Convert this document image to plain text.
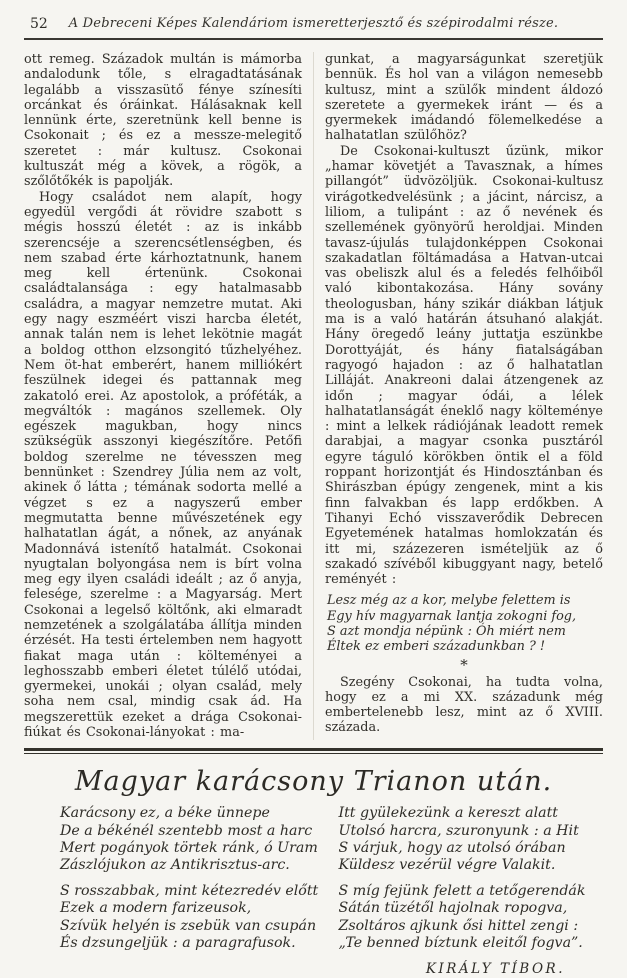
52	A Debreceni Képes Kalendáriom ismeretterjesztő és szépirodalmi része.

ott remeg. Századok multán is mámorba andalodunk tőle, s elragadtatásának legalább a visszasütő fénye színesíti orcánkat és óráinkat. Hálásaknak kell lennünk érte, szeretnünk kell benne is Csokonait ; és ez a messze-melegitő szeretet : már kultusz. Csokonai kultuszát még a kövek, a rögök, a szőlőtőkék is papolják.

Hogy családot nem alapít, hogy egyedül vergődi át rövidre szabott s mégis hosszú életét : az is inkább szerencséje a szerencsétlenségben, és nem szabad érte kárhoztatnunk, hanem meg kell értenünk. Csokonai családtalansága : egy hatalmasabb családra, a magyar nemzetre mutat. Aki egy nagy eszméért viszi harcba életét, annak talán nem is lehet lekötnie magát a boldog otthon elzsongitó tűzhelyéhez. Nem öt-hat emberért, hanem milliókért feszülnek idegei és pattannak meg zakatoló erei. Az apostolok, a próféták, a megváltók : magános szellemek. Oly egészek magukban, hogy nincs szükségük asszonyi kiegészítőre. Petőfi boldog szerelme ne tévesszen meg bennünket : Szendrey Júlia nem az volt, akinek ő látta ; témának sodorta mellé a végzet s ez a nagyszerű ember megmutatta benne művészetének egy halhatatlan ágát, a nőnek, az anyának Madonnává istenítő hatalmát. Csokonai nyugtalan bolyongása nem is bírt volna meg egy ilyen családi ideált ; az ő anyja, felesége, szerelme : a Magyarság. Mert Csokonai a legelső költőnk, aki elmaradt nemzetének a szolgálatába állítja minden érzését. Ha testi értelemben nem hagyott fiakat maga után : költeményei a leghosszabb emberi életet túlélő utódai, gyermekei, unokái ; olyan család, mely soha nem csal, mindig csak ád. Ha megszerettük ezeket a drága Csokonai-fiúkat és Csokonai-lányokat : ma-

gunkat, a magyarságunkat szeretjük bennük. És hol van a világon nemesebb kultusz, mint a szülők mindent áldozó szeretete a gyermekek iránt — és a gyermekek imádandó fölemelkedése a halhatatlan szülőhöz?

De Csokonai-kultuszt űzünk, mikor „hamar követjét a Tavasznak, a hímes pillangót” üdvözöljük. Csokonai-kultusz virágotkedvelésünk ; a jácint, nárcisz, a liliom, a tulipánt : az ő nevének és szellemének gyönyörű heroldjai. Minden tavasz-újulás tulajdonképpen Csokonai szakadatlan föltámadása a Hatvan-utcai vas obeliszk alul és a feledés felhőiből való kibontakozása. Hány sovány theologusban, hány szikár diákban látjuk ma is a való határán átsuhanó alakját. Hány öregedő leány juttatja eszünkbe Dorottyáját, és hány fiatalságában ragyogó hajadon : az ő halhatatlan Lilláját. Anakreoni dalai átzengenek az időn ; magyar ódái, a lélek halhatatlanságát éneklő nagy költeménye : mint a lelkek rádiójának leadott remek darabjai, a magyar csonka pusztáról egyre táguló körökben öntik el a föld roppant horizontját és Hindosztánban és Shirászban épúgy zengenek, mint a kis finn falvakban és lapp erdőkben. A Tihanyi Echó visszaverődik Debrecen Egyetemének hatalmas homlokzatán és itt mi, százezeren ismételjük az ő szakadó szívéből kibuggyant nagy, betelő reményét :

Lesz még az a kor, melybe felettem is
Egy hív magyarnak lantja zokogni fog,
S azt mondja népünk : Óh miért nem
Éltek ez emberi századunkban ? !
*

Szegény Csokonai, ha tudta volna, hogy ez a mi XX. századunk még embertelenebb lesz, mint az ő XVIII. százada.

Magyar karácsony Trianon után.
Karácsony ez, a béke ünnepe
De a békénél szentebb most a harc
Mert pogányok törtek ránk, ó Uram
Zászlójukon az Antikrisztus-arc.
S rosszabbak, mint kétezredév előtt
Ezek a modern farizeusok,
Szívük helyén is zsebük van csupán
És dzsungeljük : a paragrafusok.
Itt gyülekezünk a kereszt alatt
Utolsó harcra, szuronyunk : a Hit
S várjuk, hogy az utolsó órában
Küldesz vezérül végre Valakit.
S míg fejünk felett a tetőgerendák
Sátán tüzétől hajolnak ropogva,
Zsoltáros ajkunk ősi hittel zengi :
„Te benned bíztunk eleitől fogva”.
KIRÁLY TÍBOR.
